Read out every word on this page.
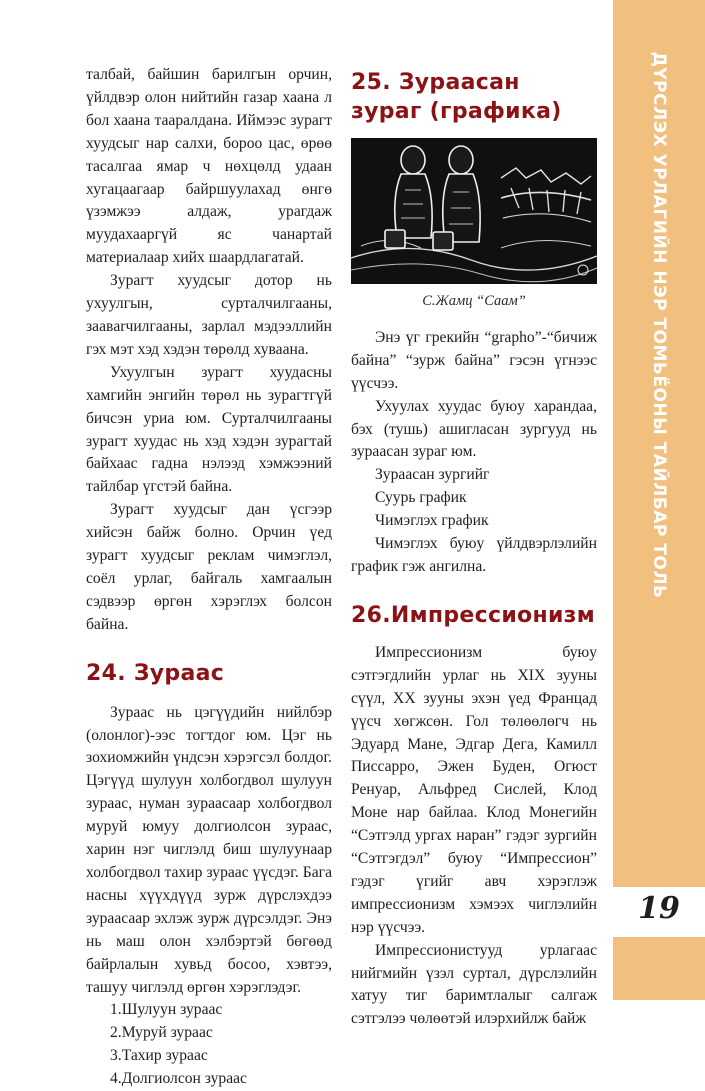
талбай, байшин барилгын орчин, үйлдвэр олон нийтийн газар хаана л бол хаана тааралдана. Иймээс зурагт хуудсыг нар салхи, бороо цас, өрөө тасалгаа ямар ч нөхцөлд удаан хугацаагаар байршуулахад өнгө үзэмжээ алдаж, урагдаж муудахааргүй яс чанартай материалаар хийх шаардлагатай.

Зурагт хуудсыг дотор нь ухуулгын, сурталчилгааны, заавarчилгааны, зарлал мэдээллийн гэх мэт хэд хэдэн төрөлд хуваана.

Ухуулгын зурагт хуудасны хамгийн энгийн төрөл нь зурагтгүй бичсэн уриа юм. Сурталчилгааны зурагт хуудас нь хэд хэдэн зурагтай байхаас гадна нэлээд хэмжээний тайлбар үгстэй байна.

Зурагт хуудсыг дан үсгээр хийсэн байж болно. Орчин үед зурагт хуудсыг реклам чимэглэл, соёл урлаг, байгаль хамгаалын сэдвээр өргөн хэрэглэх болсон байна.

24. Зураас

Зураас нь цэгүүдийн нийлбэр (олонлог)-ээс тогтдог юм. Цэг нь зохиомжийн үндсэн хэрэгсэл болдог. Цэгүүд шулуун холбогдвол шулуун зураас, нуман зураасаар холбогдвол муруй юмуу долгиолсон зураас, харин нэг чиглэлд биш шулуунаар холбогдвол тахир зураас үүсдэг. Бага насны хүүхдүүд зурж дүрслэхдээ зураасаар эхлэж зурж дүрсэлдэг. Энэ нь маш олон хэлбэртэй бөгөөд байрлалын хувьд босоо, хэвтээ, ташуу чиглэлд өргөн хэрэглэдэг.

1.Шулуун зураас

2.Муруй зураас

3.Тахир зураас

4.Долгиолсон зураас

25. Зураасан зураг (графика)
С.Жамц “Саам”

Энэ үг грекийн “grapho”-“бичиж байна” “зурж байна” гэсэн үгнээс үүсчээ.

Ухуулах хуудас буюу харандаа, бэх (тушь) ашигласан зургууд нь зураасан зураг юм.

Зураасан зургийг

Суурь график

Чимэглэх график

Чимэглэх буюу үйлдвэрлэлийн график гэж ангилна.

26.Импрессионизм

Импрессионизм буюу сэтгэгдлийн урлаг нь XIX зууны сүүл, XX зууны эхэн үед Францад үүсч хөгжсөн. Гол төлөөлөгч нь Эдуард Мане, Эдгар Дега, Камилл Писсарро, Эжен Буден, Огюст Ренуар, Альфред Сислей, Клод Моне нар байлаа. Клод Монегийн “Сэтгэлд ургах наран” гэдэг зургийн “Сэтгэгдэл” буюу “Импрессион” гэдэг үгийг авч хэрэглэж импрессионизм хэмээх чиглэлийн нэр үүсчээ.

Импрессионистууд урлагаас нийгмийн үзэл суртал, дүрслэлийн хатуу тиг баримтлалыг салгаж сэтгэлээ чөлөөтэй илэрхийлж байж

ДҮРСЛЭХ УРЛАГИЙН НЭР ТОМЬЁОНЫ ТАЙЛБАР ТОЛЬ
19
